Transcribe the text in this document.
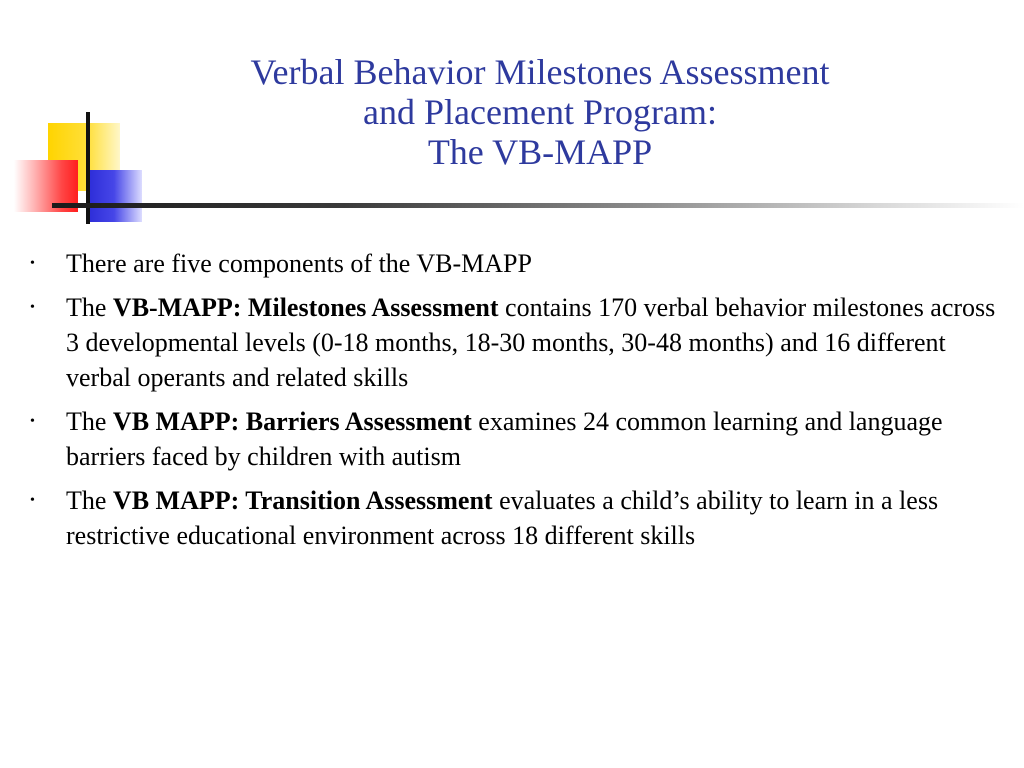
Verbal Behavior Milestones Assessment
and Placement Program:
The VB-MAPP
• There are five components of the VB-MAPP
• The VB-MAPP: Milestones Assessment contains 170 verbal behavior milestones across 3 developmental levels (0-18 months, 18-30 months, 30-48 months) and 16 different verbal operants and related skills
• The VB MAPP: Barriers Assessment examines 24 common learning and language barriers faced by children with autism
• The VB MAPP: Transition Assessment evaluates a child’s ability to learn in a less restrictive educational environment across 18 different skills
